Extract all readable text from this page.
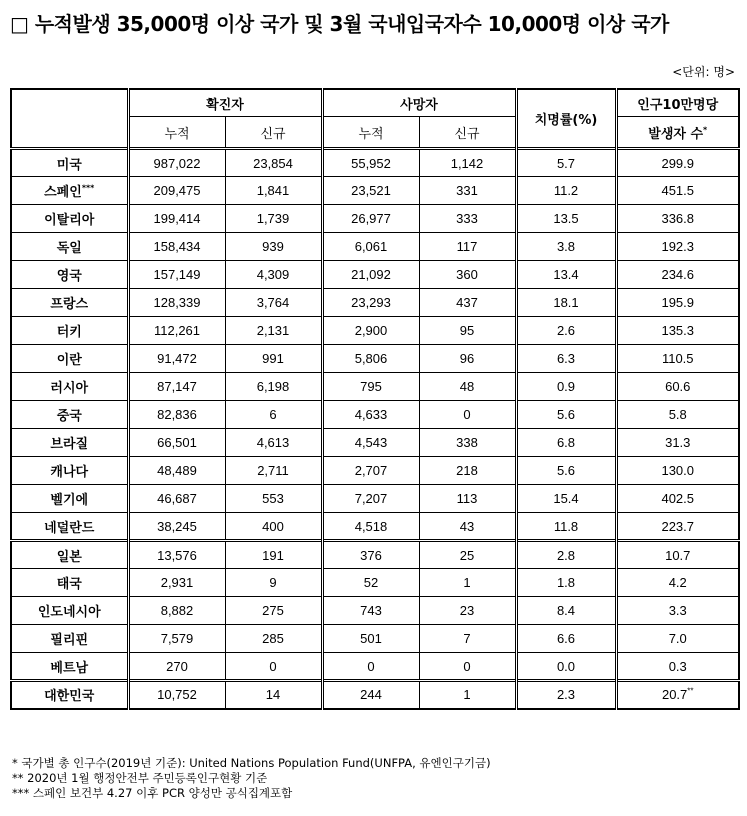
□ 누적발생 35,000명 이상 국가 및 3월 국내입국자수 10,000명 이상 국가
<단위: 명>
	확진자		사망자		치명률(%)	인구10만명당
	누적	신규	누적	신규		발생자 수*
미국	987,022	23,854	55,952	1,142	5.7	299.9
스페인***	209,475	1,841	23,521	331	11.2	451.5
이탈리아	199,414	1,739	26,977	333	13.5	336.8
독일	158,434	939	6,061	117	3.8	192.3
영국	157,149	4,309	21,092	360	13.4	234.6
프랑스	128,339	3,764	23,293	437	18.1	195.9
터키	112,261	2,131	2,900	95	2.6	135.3
이란	91,472	991	5,806	96	6.3	110.5
러시아	87,147	6,198	795	48	0.9	60.6
중국	82,836	6	4,633	0	5.6	5.8
브라질	66,501	4,613	4,543	338	6.8	31.3
캐나다	48,489	2,711	2,707	218	5.6	130.0
벨기에	46,687	553	7,207	113	15.4	402.5
네덜란드	38,245	400	4,518	43	11.8	223.7
일본	13,576	191	376	25	2.8	10.7
태국	2,931	9	52	1	1.8	4.2
인도네시아	8,882	275	743	23	8.4	3.3
필리핀	7,579	285	501	7	6.6	7.0
베트남	270	0	0	0	0.0	0.3
대한민국	10,752	14	244	1	2.3	20.7**
* 국가별 총 인구수(2019년 기준): United Nations Population Fund(UNFPA, 유엔인구기금)
** 2020년 1월 행정안전부 주민등록인구현황 기준
*** 스페인 보건부 4.27 이후 PCR 양성만 공식집계포함
